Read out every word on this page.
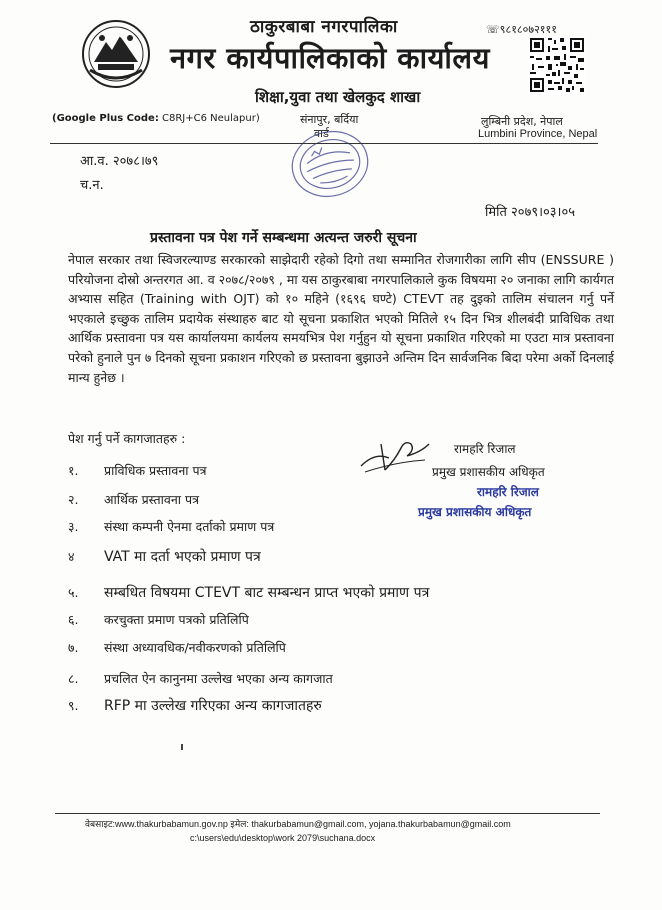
ठाकुरबाबा नगरपालिका
नगर कार्यपालिकाको कार्यालय
शिक्षा,युवा तथा खेलकुद शाखा
☏९८१८०७२१११
(Google Plus Code: C8RJ+C6 Neulapur)	संनापुर, बर्दिया
वार्ड
लुम्बिनी प्रदेश, नेपाल
Lumbini Province, Nepal
आ.व. २०७८।७९
च.न.
मिति २०७९।०३।०५
प्रस्तावना पत्र पेश गर्ने सम्बन्धमा अत्यन्त जरुरी सूचना
नेपाल सरकार तथा स्विजरल्याण्ड सरकारको साझेदारी रहेको दिगो तथा सम्मानित रोजगारीका लागि सीप (ENSSURE ) परियोजना दोस्रो अन्तरगत आ. व २०७८/२०७९ , मा यस ठाकुरबाबा नगरपालिकाले कुक विषयमा २० जनाका लागि कार्यगत अभ्यास सहित (Training with OJT) को १० महिने (१६९६ घण्टे) CTEVT तह दुइको तालिम संचालन गर्नु पर्ने भएकाले इच्छुक तालिम प्रदायेक संस्थाहरु बाट यो सूचना प्रकाशित भएको मितिले १५ दिन भित्र शीलबंदी प्राविधिक तथा आर्थिक प्रस्तावना पत्र यस कार्यालयमा कार्यलय समयभित्र पेश गर्नुहुन यो सूचना प्रकाशित गरिएको मा एउटा मात्र प्रस्तावना परेको हुनाले पुन ७ दिनको सूचना प्रकाशन गरिएको छ प्रस्तावना बुझाउने अन्तिम दिन सार्वजनिक बिदा परेमा अर्को दिनलाई मान्य हुनेछ ।
पेश गर्नु पर्ने कागजातहरु :
रामहरि रिजाल
प्रमुख प्रशासकीय अधिकृत
रामहरि रिजाल
प्रमुख प्रशासकीय अधिकृत
१. प्राविधिक प्रस्तावना पत्र
२. आर्थिक प्रस्तावना पत्र
३. संस्था कम्पनी ऐनमा दर्ताको प्रमाण पत्र
४ VAT मा दर्ता भएको प्रमाण पत्र
५. सम्बधित विषयमा CTEVT बाट सम्बन्धन प्राप्त भएको प्रमाण पत्र
६. करचुक्ता प्रमाण पत्रको प्रतिलिपि
७. संस्था अध्यावधिक/नवीकरणको प्रतिलिपि
८. प्रचलित ऐन कानुनमा उल्लेख भएका अन्य कागजात
९. RFP मा उल्लेख गरिएका अन्य कागजातहरु
वेबसाइट:www.thakurbabamun.gov.np इमेल: thakurbabamun@gmail.com, yojana.thakurbabamun@gmail.com
c:\users\edu\desktop\work 2079\suchana.docx
